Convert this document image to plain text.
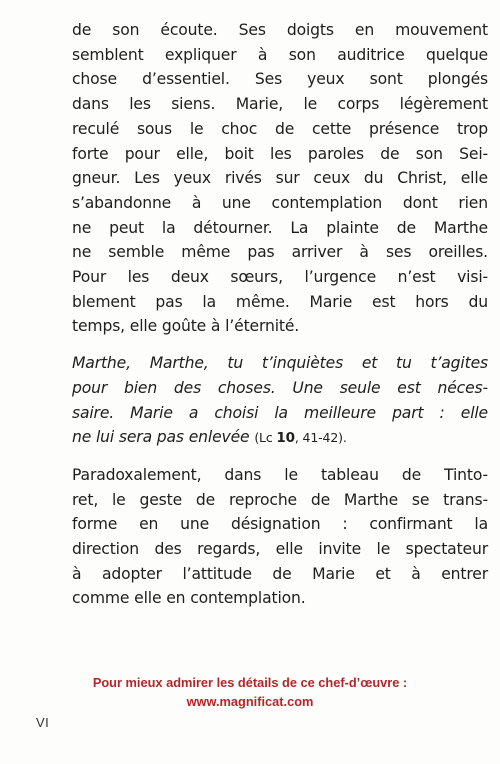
de son écoute. Ses doigts en mouvement
semblent expliquer à son auditrice quelque
chose d’essentiel. Ses yeux sont plongés
dans les siens. Marie, le corps légèrement
reculé sous le choc de cette présence trop
forte pour elle, boit les paroles de son Sei-
gneur. Les yeux rivés sur ceux du Christ, elle
s’abandonne à une contemplation dont rien
ne peut la détourner. La plainte de Marthe
ne semble même pas arriver à ses oreilles.
Pour les deux sœurs, l’urgence n’est visi-
blement pas la même. Marie est hors du
temps, elle goûte à l’éternité.
Marthe, Marthe, tu t’inquiètes et tu t’agites
pour bien des choses. Une seule est néces-
saire. Marie a choisi la meilleure part : elle
ne lui sera pas enlevée (Lc 10, 41-42).
Paradoxalement, dans le tableau de Tinto-
ret, le geste de reproche de Marthe se trans-
forme en une désignation : confirmant la
direction des regards, elle invite le spectateur
à adopter l’attitude de Marie et à entrer
comme elle en contemplation.
Pour mieux admirer les détails de ce chef-d’œuvre :
www.magnificat.com
VI
